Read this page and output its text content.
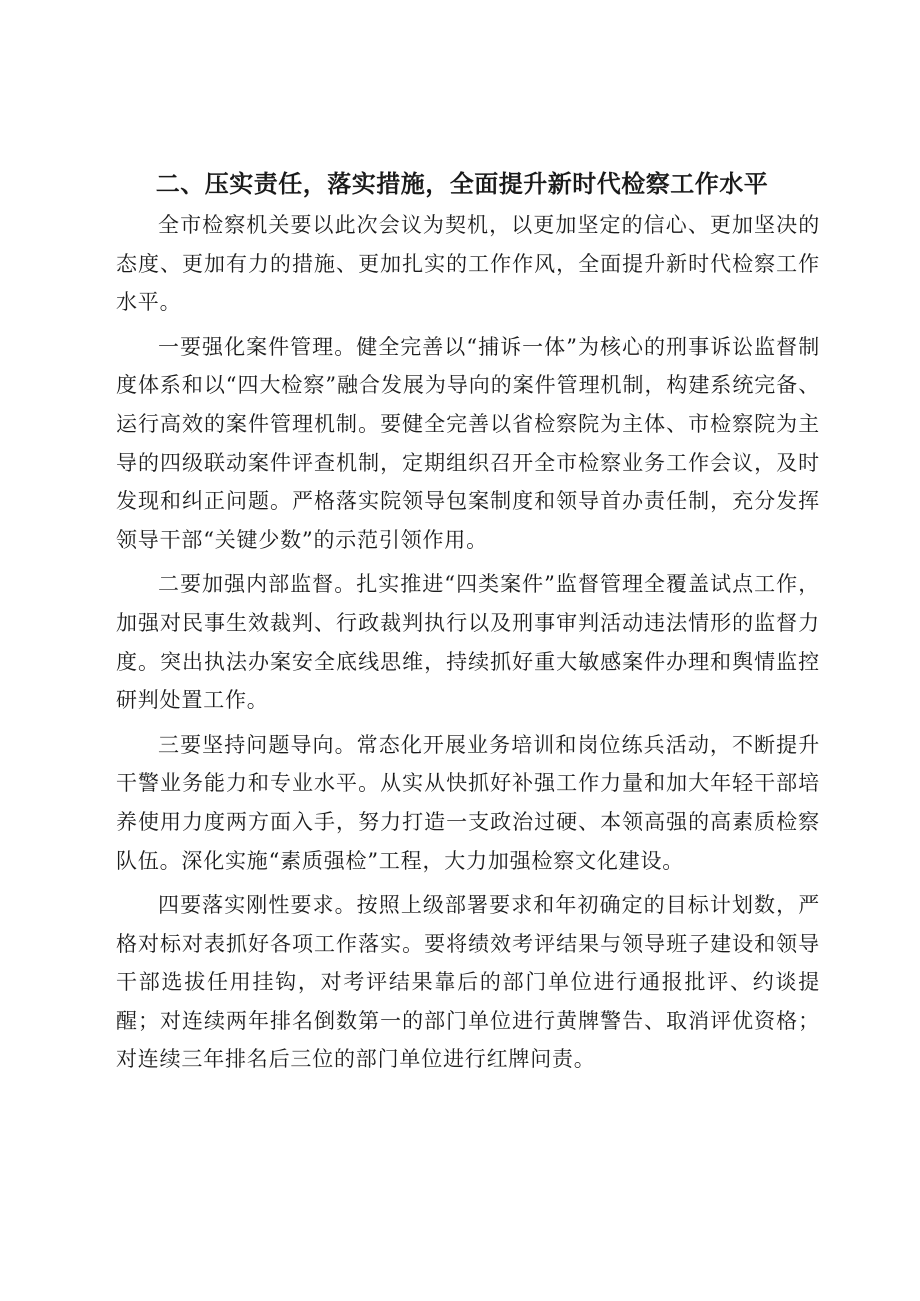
二、压实责任，落实措施，全面提升新时代检察工作水平

全市检察机关要以此次会议为契机，以更加坚定的信心、更加坚决的态度、更加有力的措施、更加扎实的工作作风，全面提升新时代检察工作水平。

一要强化案件管理。健全完善以“捕诉一体”为核心的刑事诉讼监督制度体系和以“四大检察”融合发展为导向的案件管理机制，构建系统完备、运行高效的案件管理机制。要健全完善以省检察院为主体、市检察院为主导的四级联动案件评查机制，定期组织召开全市检察业务工作会议，及时发现和纠正问题。严格落实院领导包案制度和领导首办责任制，充分发挥领导干部“关键少数”的示范引领作用。

二要加强内部监督。扎实推进“四类案件”监督管理全覆盖试点工作，加强对民事生效裁判、行政裁判执行以及刑事审判活动违法情形的监督力度。突出执法办案安全底线思维，持续抓好重大敏感案件办理和舆情监控研判处置工作。

三要坚持问题导向。常态化开展业务培训和岗位练兵活动，不断提升干警业务能力和专业水平。从实从快抓好补强工作力量和加大年轻干部培养使用力度两方面入手，努力打造一支政治过硬、本领高强的高素质检察队伍。深化实施“素质强检”工程，大力加强检察文化建设。

四要落实刚性要求。按照上级部署要求和年初确定的目标计划数，严格对标对表抓好各项工作落实。要将绩效考评结果与领导班子建设和领导干部选拔任用挂钩，对考评结果靠后的部门单位进行通报批评、约谈提醒；对连续两年排名倒数第一的部门单位进行黄牌警告、取消评优资格；对连续三年排名后三位的部门单位进行红牌问责。
